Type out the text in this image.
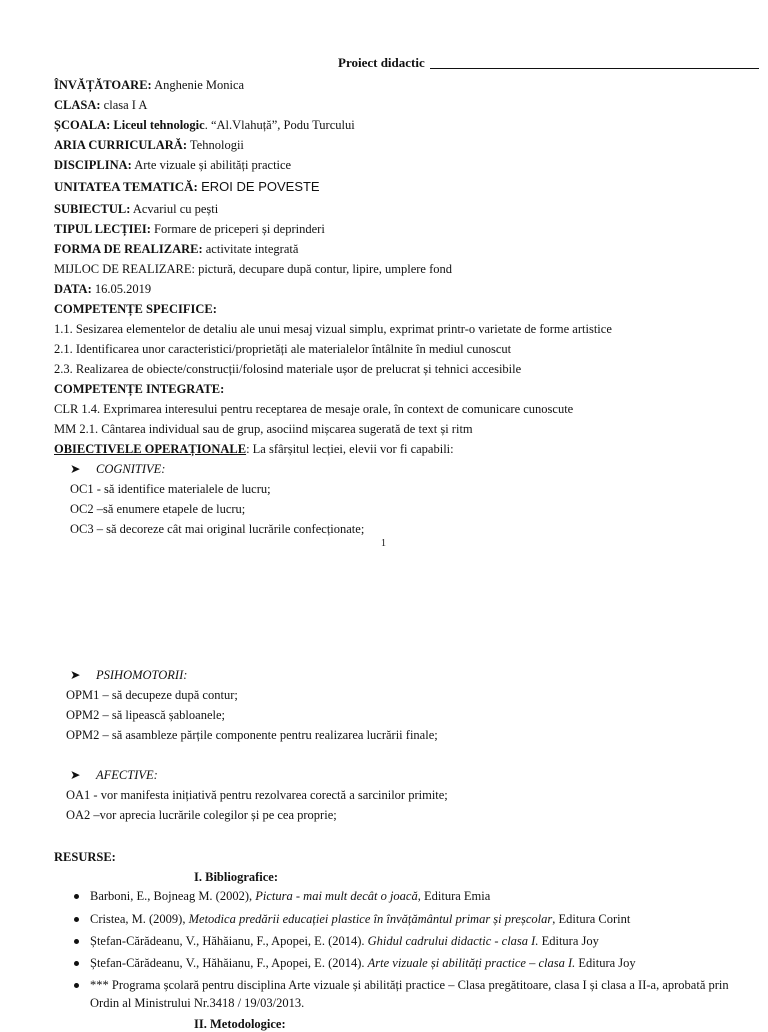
Proiect didactic
ÎNVĂȚĂTOARE: Anghenie Monica
CLASA: clasa I A
ȘCOALA: Liceul tehnologic. “Al.Vlahuță”, Podu Turcului
ARIA CURRICULARĂ: Tehnologii
DISCIPLINA: Arte vizuale și abilități practice
UNITATEA TEMATICĂ: EROI DE POVESTE
SUBIECTUL: Acvariul cu pești
TIPUL LECȚIEI: Formare de priceperi și deprinderi
FORMA DE REALIZARE: activitate integrată
MIJLOC DE REALIZARE: pictură, decupare după contur, lipire, umplere fond
DATA: 16.05.2019
COMPETENȚE SPECIFICE:
1.1. Sesizarea elementelor de detaliu ale unui mesaj vizual simplu, exprimat printr-o varietate de forme artistice
2.1. Identificarea unor caracteristici/proprietăți ale materialelor întâlnite în mediul cunoscut
2.3. Realizarea de obiecte/construcții/folosind materiale ușor de prelucrat și tehnici accesibile
COMPETENȚE INTEGRATE:
CLR 1.4. Exprimarea interesului pentru receptarea de mesaje orale, în context de comunicare cunoscute
MM 2.1. Cântarea individual sau de grup, asociind mișcarea sugerată de text și ritm
OBIECTIVELE OPERAȚIONALE: La sfârșitul lecției, elevii vor fi capabili:
➤ COGNITIVE:
OC1 - să identifice materialele de lucru;
OC2 –să enumere etapele de lucru;
OC3 – să decoreze cât mai original lucrările confecționate;
1
➤ PSIHOMOTORII:
OPM1 – să decupeze după contur;
OPM2 – să lipească șabloanele;
OPM2 – să asambleze părțile componente pentru realizarea lucrării finale;
➤ AFECTIVE:
OA1 - vor manifesta inițiativă pentru rezolvarea corectă a sarcinilor primite;
OA2 –vor aprecia lucrările colegilor și pe cea proprie;
RESURSE:
I. Bibliografice:
Barboni, E., Bojneag M. (2002), Pictura - mai mult decât o joacă, Editura Emia
Cristea, M. (2009), Metodica predării educației plastice în învățământul primar și preșcolar, Editura Corint
Ștefan-Cărădeanu, V., Hăhăianu, F., Apopei, E. (2014). Ghidul cadrului didactic - clasa I. Editura Joy
Ștefan-Cărădeanu, V., Hăhăianu, F., Apopei, E. (2014). Arte vizuale și abilități practice – clasa I. Editura Joy
*** Programa școlară pentru disciplina Arte vizuale și abilități practice – Clasa pregătitoare, clasa I și clasa a II-a, aprobată prin
Ordin al Ministrului Nr.3418 / 19/03/2013.
II. Metodologice:
